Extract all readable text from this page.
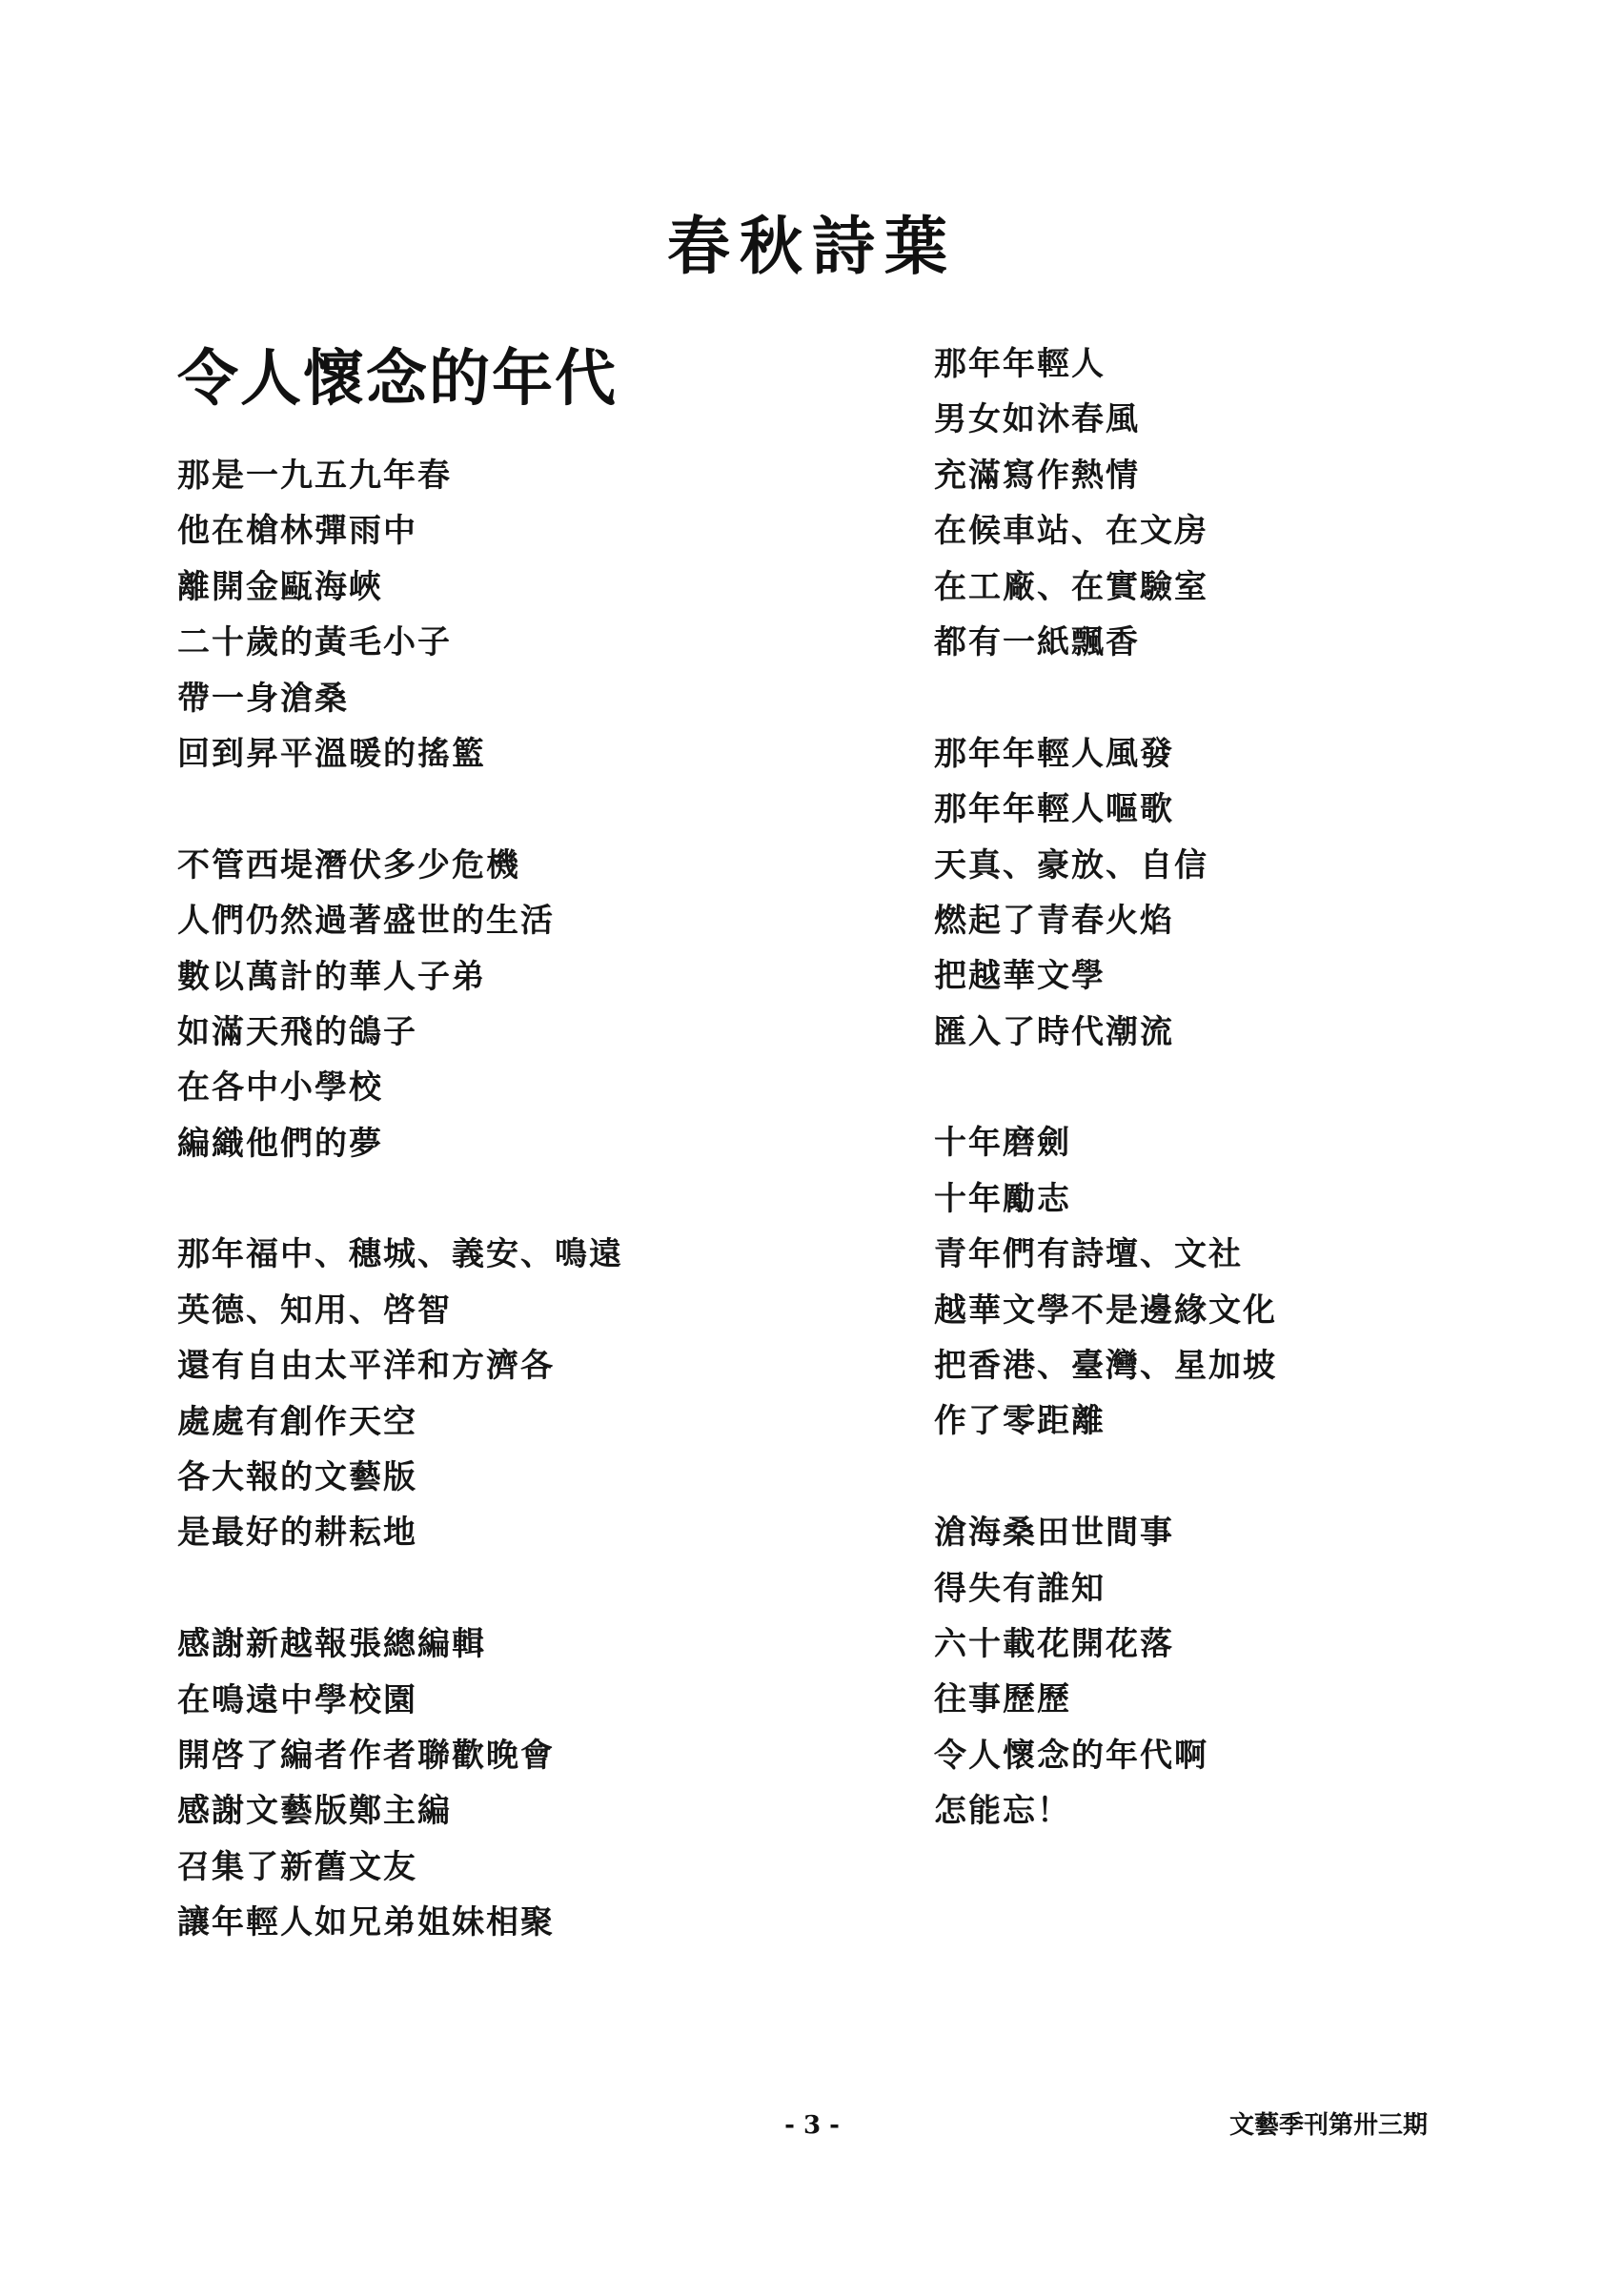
春秋詩葉
令人懷念的年代
那是一九五九年春
他在槍林彈雨中
離開金甌海峽
二十歲的黃毛小子
帶一身滄桑
回到昇平溫暖的搖籃
不管西堤潛伏多少危機
人們仍然過著盛世的生活
數以萬計的華人子弟
如滿天飛的鴿子
在各中小學校
編織他們的夢
那年福中、穗城、義安、鳴遠
英德、知用、啓智
還有自由太平洋和方濟各
處處有創作天空
各大報的文藝版
是最好的耕耘地
感謝新越報張總編輯
在鳴遠中學校園
開啓了編者作者聯歡晚會
感謝文藝版鄭主編
召集了新舊文友
讓年輕人如兄弟姐妹相聚
那年年輕人
男女如沐春風
充滿寫作熱情
在候車站、在文房
在工廠、在實驗室
都有一紙飄香
那年年輕人風發
那年年輕人嘔歌
天真、豪放、自信
燃起了青春火焰
把越華文學
匯入了時代潮流
十年磨劍
十年勵志
青年們有詩壇、文社
越華文學不是邊緣文化
把香港、臺灣、星加坡
作了零距離
滄海桑田世間事
得失有誰知
六十載花開花落
往事歷歷
令人懷念的年代啊
怎能忘！
- 3 -	文藝季刊第卅三期
